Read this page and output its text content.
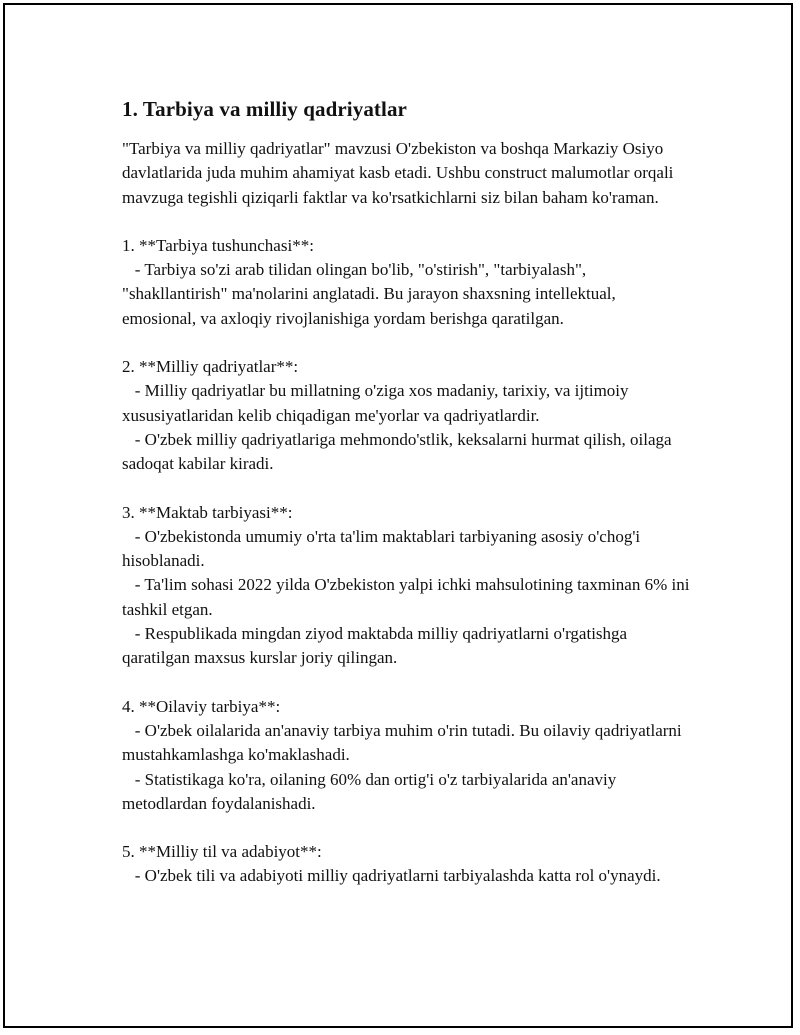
1. Tarbiya va milliy qadriyatlar

"Tarbiya va milliy qadriyatlar" mavzusi O'zbekiston va boshqa Markaziy Osiyo davlatlarida juda muhim ahamiyat kasb etadi. Ushbu construct malumotlar orqali mavzuga tegishli qiziqarli faktlar va ko'rsatkichlarni siz bilan baham ko'raman.

1. **Tarbiya tushunchasi**:

- Tarbiya so'zi arab tilidan olingan bo'lib, "o'stirish", "tarbiyalash", "shakllantirish" ma'nolarini anglatadi. Bu jarayon shaxsning intellektual, emosional, va axloqiy rivojlanishiga yordam berishga qaratilgan.

2. **Milliy qadriyatlar**:

- Milliy qadriyatlar bu millatning o'ziga xos madaniy, tarixiy, va ijtimoiy xususiyatlaridan kelib chiqadigan me'yorlar va qadriyatlardir.

- O'zbek milliy qadriyatlariga mehmondo'stlik, keksalarni hurmat qilish, oilaga sadoqat kabilar kiradi.

3. **Maktab tarbiyasi**:

- O'zbekistonda umumiy o'rta ta'lim maktablari tarbiyaning asosiy o'chog'i hisoblanadi.

- Ta'lim sohasi 2022 yilda O'zbekiston yalpi ichki mahsulotining taxminan 6% ini tashkil etgan.

- Respublikada mingdan ziyod maktabda milliy qadriyatlarni o'rgatishga qaratilgan maxsus kurslar joriy qilingan.

4. **Oilaviy tarbiya**:

- O'zbek oilalarida an'anaviy tarbiya muhim o'rin tutadi. Bu oilaviy qadriyatlarni mustahkamlashga ko'maklashadi.

- Statistikaga ko'ra, oilaning 60% dan ortig'i o'z tarbiyalarida an'anaviy metodlardan foydalanishadi.

5. **Milliy til va adabiyot**:

- O'zbek tili va adabiyoti milliy qadriyatlarni tarbiyalashda katta rol o'ynaydi.
